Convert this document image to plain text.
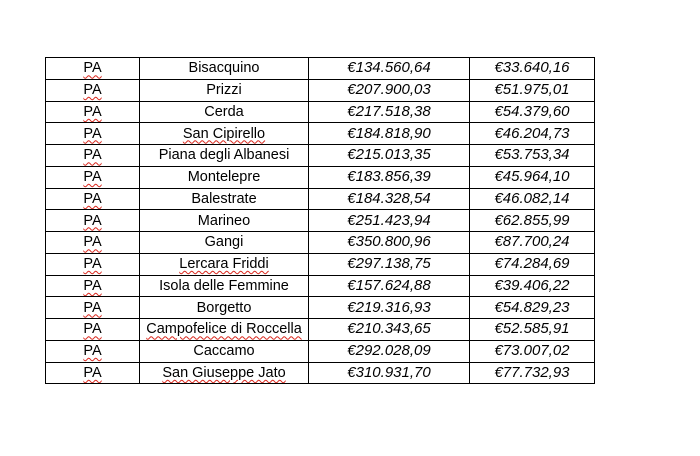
PA	Bisacquino	€134.560,64	€33.640,16
PA	Prizzi	€207.900,03	€51.975,01
PA	Cerda	€217.518,38	€54.379,60
PA	San Cipirello	€184.818,90	€46.204,73
PA	Piana degli Albanesi	€215.013,35	€53.753,34
PA	Montelepre	€183.856,39	€45.964,10
PA	Balestrate	€184.328,54	€46.082,14
PA	Marineo	€251.423,94	€62.855,99
PA	Gangi	€350.800,96	€87.700,24
PA	Lercara Friddi	€297.138,75	€74.284,69
PA	Isola delle Femmine	€157.624,88	€39.406,22
PA	Borgetto	€219.316,93	€54.829,23
PA	Campofelice di Roccella	€210.343,65	€52.585,91
PA	Caccamo	€292.028,09	€73.007,02
PA	San Giuseppe Jato	€310.931,70	€77.732,93
